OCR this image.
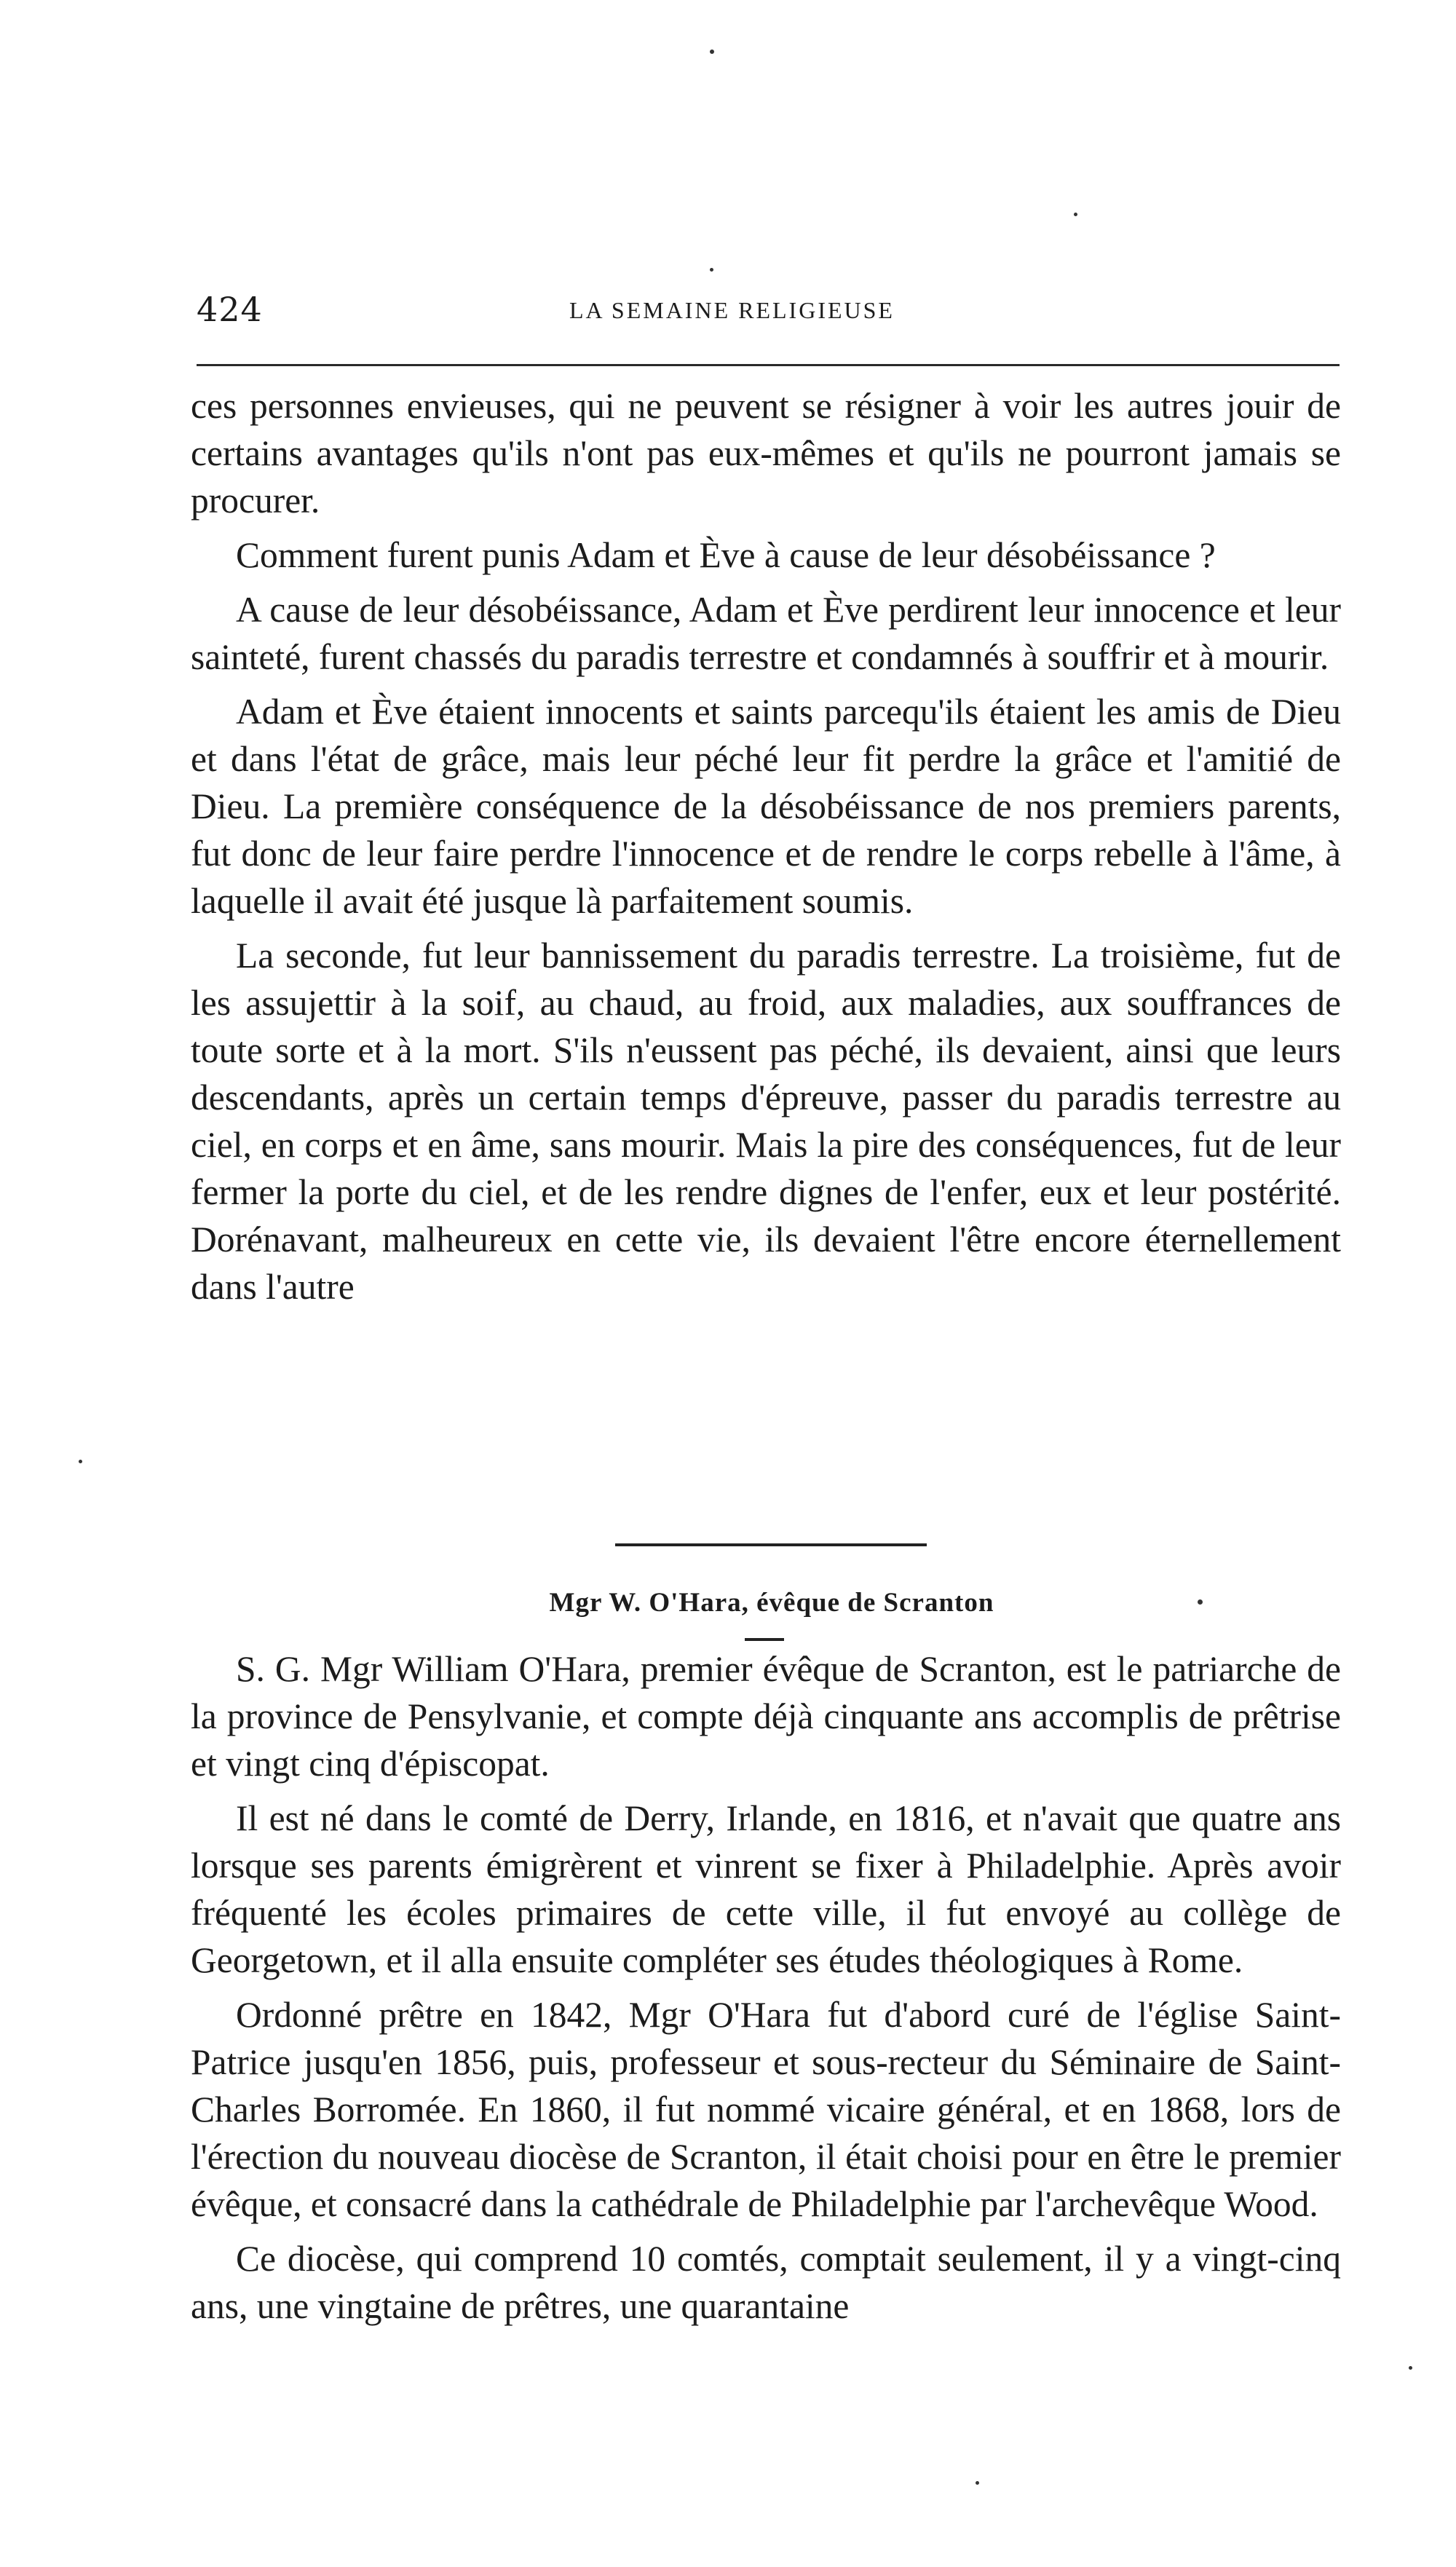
424	LA SEMAINE RELIGIEUSE

ces personnes envieuses, qui ne peuvent se résigner à voir les autres jouir de certains avantages qu'ils n'ont pas eux-mêmes et qu'ils ne pourront jamais se procurer.

Comment furent punis Adam et Ève à cause de leur désobéissance ?

A cause de leur désobéissance, Adam et Ève perdirent leur innocence et leur sainteté, furent chassés du paradis terrestre et condamnés à souffrir et à mourir.

Adam et Ève étaient innocents et saints parcequ'ils étaient les amis de Dieu et dans l'état de grâce, mais leur péché leur fit perdre la grâce et l'amitié de Dieu. La première conséquence de la désobéissance de nos premiers parents, fut donc de leur faire perdre l'innocence et de rendre le corps rebelle à l'âme, à laquelle il avait été jusque là parfaitement soumis.

La seconde, fut leur bannissement du paradis terrestre. La troisième, fut de les assujettir à la soif, au chaud, au froid, aux maladies, aux souffrances de toute sorte et à la mort. S'ils n'eussent pas péché, ils devaient, ainsi que leurs descendants, après un certain temps d'épreuve, passer du paradis terrestre au ciel, en corps et en âme, sans mourir. Mais la pire des conséquences, fut de leur fermer la porte du ciel, et de les rendre dignes de l'enfer, eux et leur postérité. Dorénavant, malheureux en cette vie, ils devaient l'être encore éternellement dans l'autre

Mgr W. O'Hara, évêque de Scranton

S. G. Mgr William O'Hara, premier évêque de Scranton, est le patriarche de la province de Pensylvanie, et compte déjà cinquante ans accomplis de prêtrise et vingt cinq d'épiscopat.

Il est né dans le comté de Derry, Irlande, en 1816, et n'avait que quatre ans lorsque ses parents émigrèrent et vinrent se fixer à Philadelphie. Après avoir fréquenté les écoles primaires de cette ville, il fut envoyé au collège de Georgetown, et il alla ensuite compléter ses études théologiques à Rome.

Ordonné prêtre en 1842, Mgr O'Hara fut d'abord curé de l'église Saint-Patrice jusqu'en 1856, puis, professeur et sous-recteur du Séminaire de Saint-Charles Borromée. En 1860, il fut nommé vicaire général, et en 1868, lors de l'érection du nouveau diocèse de Scranton, il était choisi pour en être le premier évêque, et consacré dans la cathédrale de Philadelphie par l'archevêque Wood.

Ce diocèse, qui comprend 10 comtés, comptait seulement, il y a vingt-cinq ans, une vingtaine de prêtres, une quarantaine
